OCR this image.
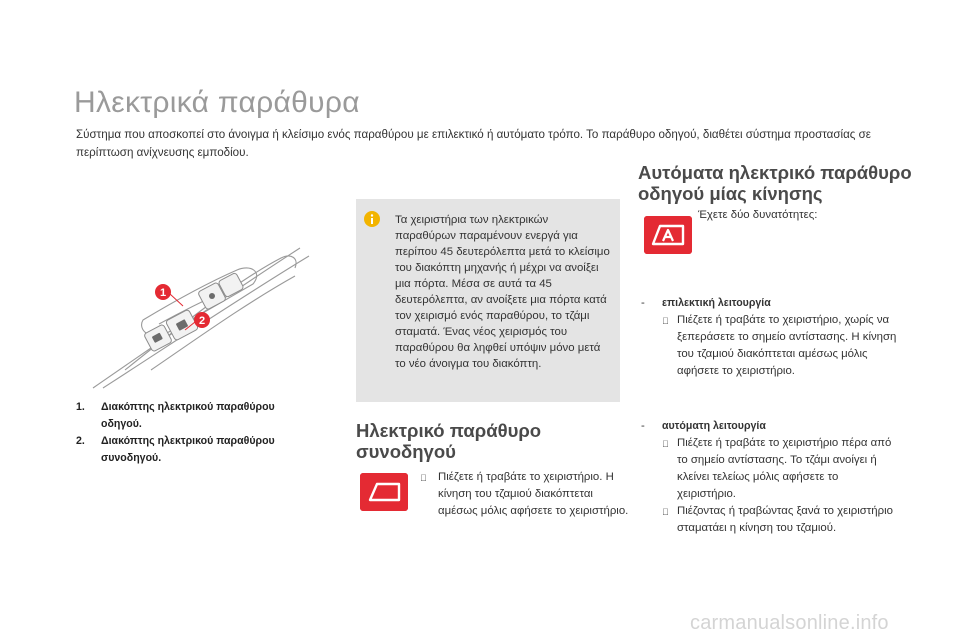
Ηλεκτρικά παράθυρα
Σύστημα που αποσκοπεί στο άνοιγμα ή κλείσιμο ενός παραθύρου με επιλεκτικό ή αυτόματο τρόπο. Το παράθυρο οδηγού, διαθέτει σύστημα προστασίας σε περίπτωση ανίχνευσης εμποδίου.
1
2
1.	Διακόπτης ηλεκτρικού παραθύρου οδηγού.
2.	Διακόπτης ηλεκτρικού παραθύρου συνοδηγού.
Τα χειριστήρια των ηλεκτρικών παραθύρων παραμένουν ενεργά για περίπου 45 δευτερόλεπτα μετά το κλείσιμο του διακόπτη μηχανής ή μέχρι να ανοίξει μια πόρτα. Μέσα σε αυτά τα 45 δευτερόλεπτα, αν ανοίξετε μια πόρτα κατά τον χειρισμό ενός παραθύρου, το τζάμι σταματά. Ένας νέος χειρισμός του παραθύρου θα ληφθεί υπόψιν μόνο μετά το νέο άνοιγμα του διακόπτη.
Ηλεκτρικό παράθυρο συνοδηγού
Πιέζετε ή τραβάτε το χειριστήριο. Η κίνηση του τζαμιού διακόπτεται αμέσως μόλις αφήσετε το χειριστήριο.
Αυτόματα ηλεκτρικό παράθυρο οδηγού μίας κίνησης
Έχετε δύο δυνατότητες:
-	επιλεκτική λειτουργία
Πιέζετε ή τραβάτε το χειριστήριο, χωρίς να ξεπεράσετε το σημείο αντίστασης. Η κίνηση του τζαμιού διακόπτεται αμέσως μόλις αφήσετε το χειριστήριο.
-	αυτόματη λειτουργία
Πιέζετε ή τραβάτε το χειριστήριο πέρα από το σημείο αντίστασης. Το τζάμι ανοίγει ή κλείνει τελείως μόλις αφήσετε το χειριστήριο.
Πιέζοντας ή τραβώντας ξανά το χειριστήριο σταματάει η κίνηση του τζαμιού.
carmanualsonline.info
